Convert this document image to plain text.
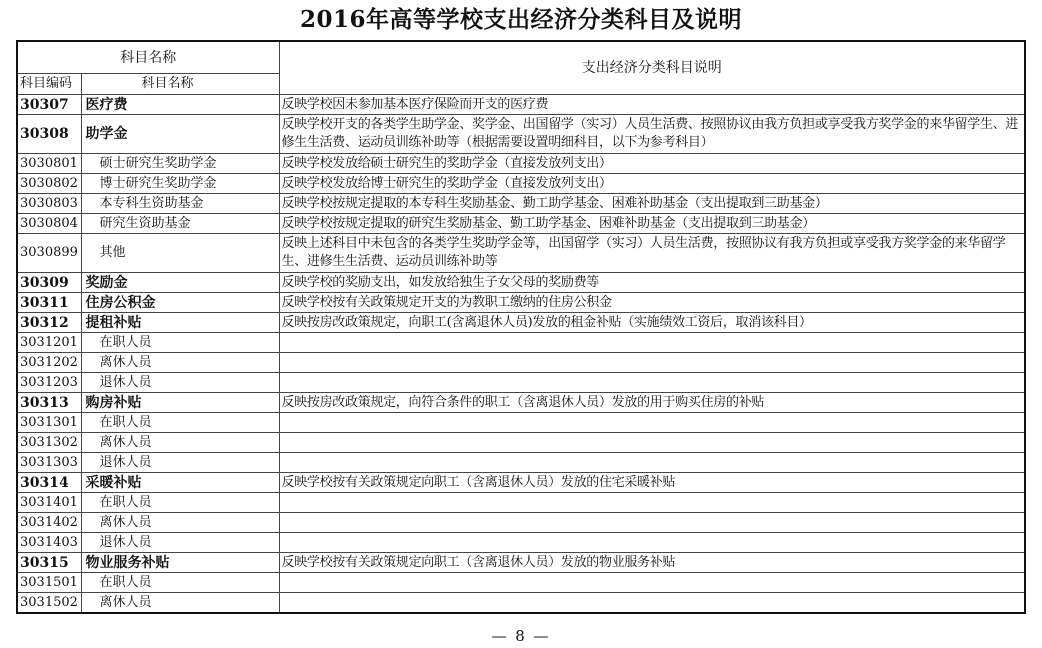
2016年高等学校支出经济分类科目及说明
科目名称		支出经济分类科目说明
科目编码	科目名称	
30307	医疗费	反映学校因未参加基本医疗保险而开支的医疗费
30308	助学金	反映学校开支的各类学生助学金、奖学金、出国留学（实习）人员生活费、按照协议由我方负担或享受我方奖学金的来华留学生、进修生生活费、运动员训练补助等（根据需要设置明细科目，以下为参考科目）
3030801	硕士研究生奖助学金	反映学校发放给硕士研究生的奖助学金（直接发放列支出）
3030802	博士研究生奖助学金	反映学校发放给博士研究生的奖助学金（直接发放列支出）
3030803	本专科生资助基金	反映学校按规定提取的本专科生奖励基金、勤工助学基金、困难补助基金（支出提取到三助基金）
3030804	研究生资助基金	反映学校按规定提取的研究生奖励基金、勤工助学基金、困难补助基金（支出提取到三助基金）
3030899	其他	反映上述科目中未包含的各类学生奖助学金等，出国留学（实习）人员生活费，按照协议有我方负担或享受我方奖学金的来华留学生、进修生生活费、运动员训练补助等
30309	奖励金	反映学校的奖励支出，如发放给独生子女父母的奖励费等
30311	住房公积金	反映学校按有关政策规定开支的为教职工缴纳的住房公积金
30312	提租补贴	反映按房改政策规定，向职工(含离退休人员)发放的租金补贴（实施绩效工资后，取消该科目）
3031201	在职人员	
3031202	离休人员	
3031203	退休人员	
30313	购房补贴	反映按房改政策规定，向符合条件的职工（含离退休人员）发放的用于购买住房的补贴
3031301	在职人员	
3031302	离休人员	
3031303	退休人员	
30314	采暖补贴	反映学校按有关政策规定向职工（含离退休人员）发放的住宅采暖补贴
3031401	在职人员	
3031402	离休人员	
3031403	退休人员	
30315	物业服务补贴	反映学校按有关政策规定向职工（含离退休人员）发放的物业服务补贴
3031501	在职人员	
3031502	离休人员	
— 8 —
